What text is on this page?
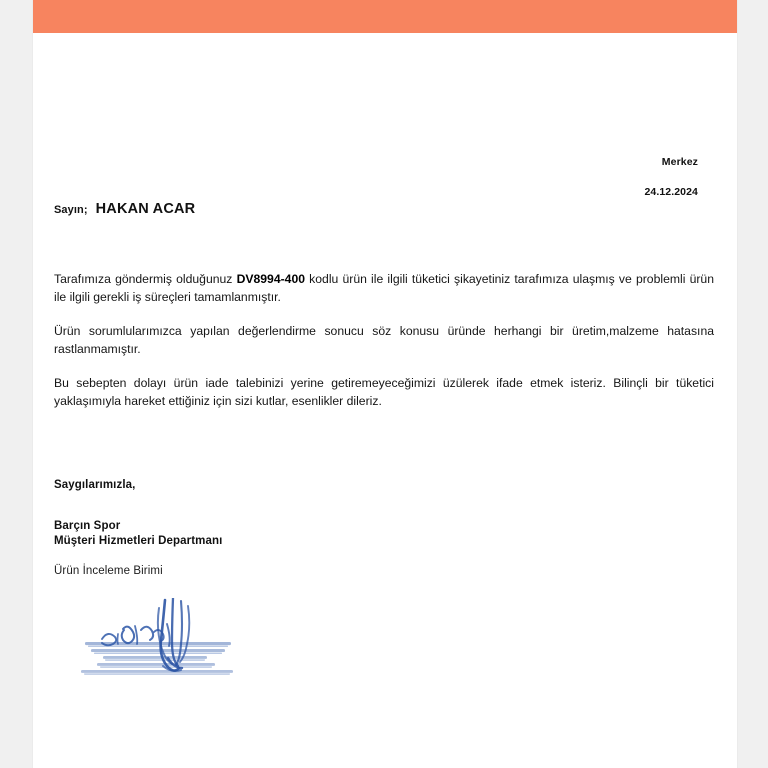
Merkez
24.12.2024
Sayın; HAKAN ACAR

Tarafımıza göndermiş olduğunuz DV8994-400 kodlu ürün ile ilgili tüketici şikayetiniz tarafımıza ulaşmış ve problemli ürün ile ilgili gerekli iş süreçleri tamamlanmıştır.

Ürün sorumlularımızca yapılan değerlendirme sonucu söz konusu üründe herhangi bir üretim,malzeme hatasına rastlanmamıştır.

Bu sebepten dolayı ürün iade talebinizi yerine getiremeyeceğimizi üzülerek ifade etmek isteriz. Bilinçli bir tüketici yaklaşımıyla hareket ettiğiniz için sizi kutlar, esenlikler dileriz.

Saygılarımızla,
Barçın Spor
Müşteri Hizmetleri Departmanı
Ürün İnceleme Birimi
